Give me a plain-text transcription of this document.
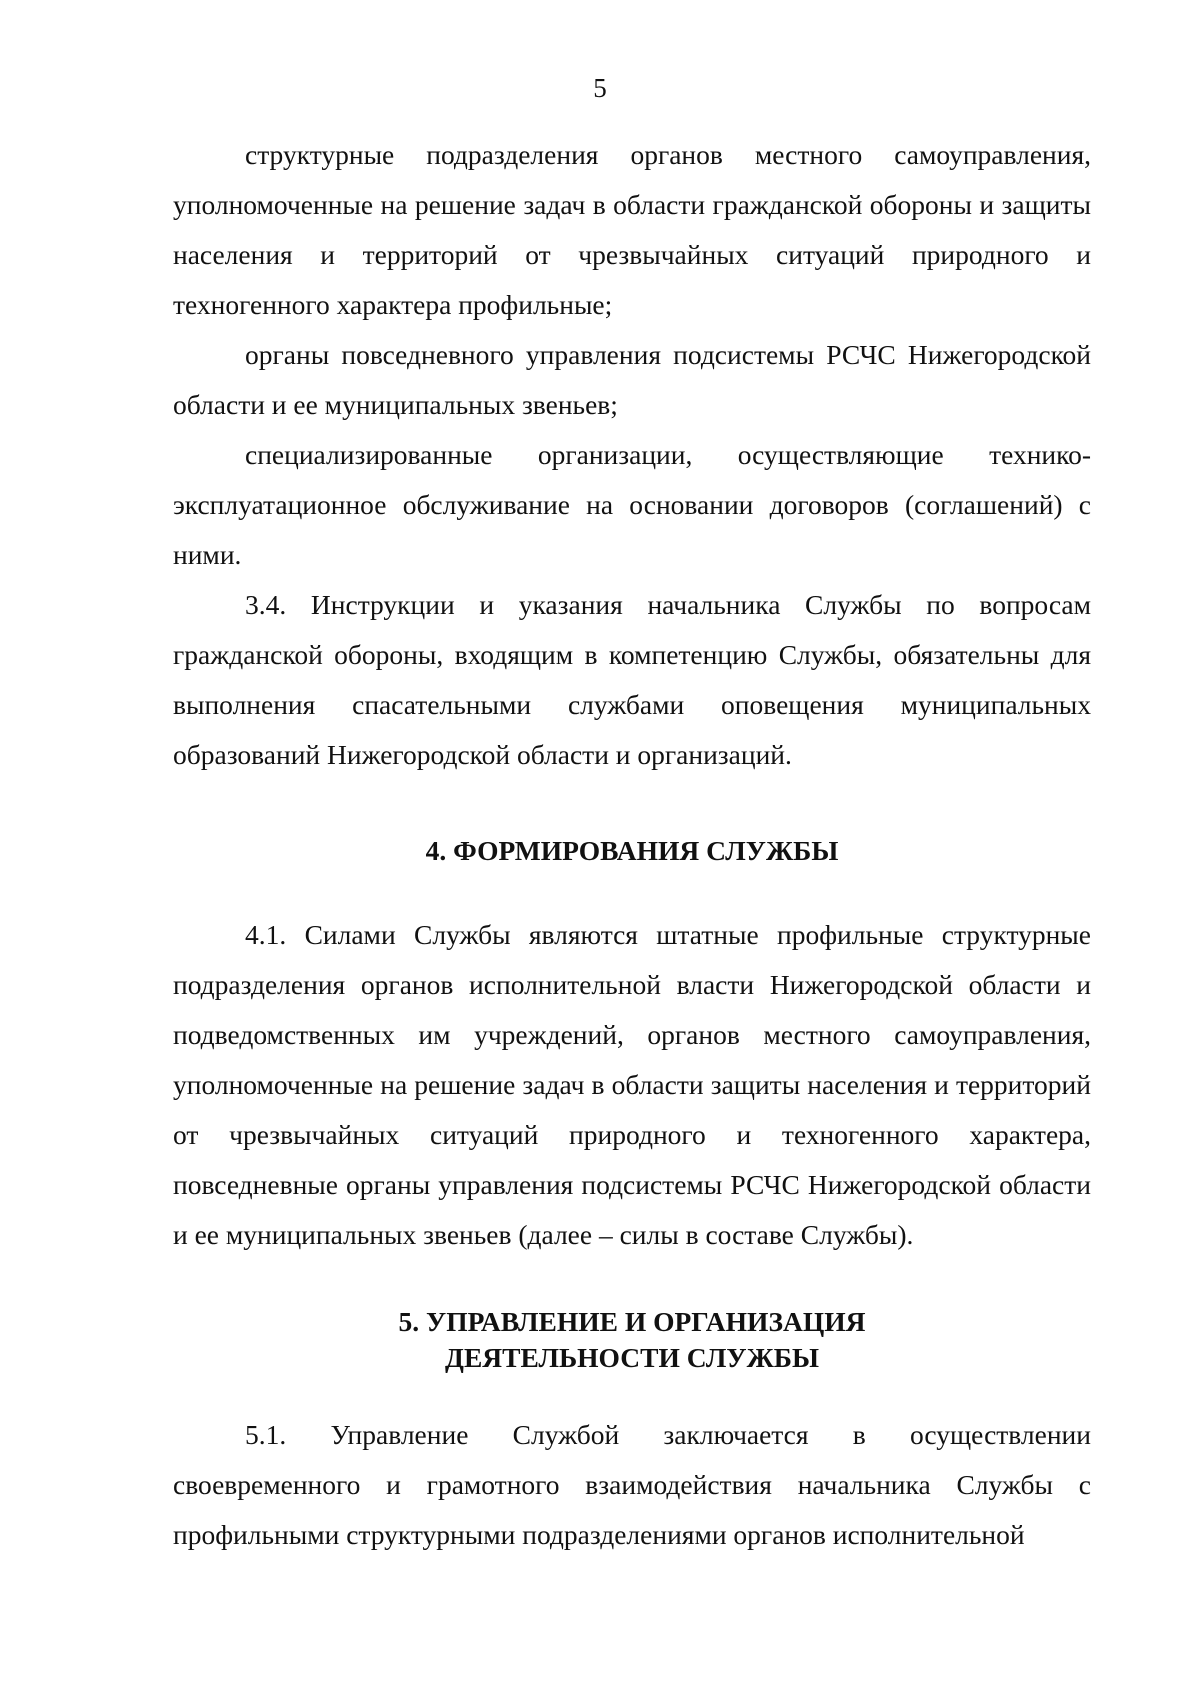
5

структурные подразделения органов местного самоуправления, уполномоченные на решение задач в области гражданской обороны и защиты населения и территорий от чрезвычайных ситуаций природного и техногенного характера профильные;

органы повседневного управления подсистемы РСЧС Нижегородской области и ее муниципальных звеньев;

специализированные организации, осуществляющие технико-эксплуатационное обслуживание на основании договоров (соглашений) с ними.

3.4. Инструкции и указания начальника Службы по вопросам гражданской обороны, входящим в компетенцию Службы, обязательны для выполнения спасательными службами оповещения муниципальных образований Нижегородской области и организаций.

4. ФОРМИРОВАНИЯ СЛУЖБЫ

4.1. Силами Службы являются штатные профильные структурные подразделения органов исполнительной власти Нижегородской области и подведомственных им учреждений, органов местного самоуправления, уполномоченные на решение задач в области защиты населения и территорий от чрезвычайных ситуаций природного и техногенного характера, повседневные органы управления подсистемы РСЧС Нижегородской области и ее муниципальных звеньев (далее – силы в составе Службы).

5. УПРАВЛЕНИЕ И ОРГАНИЗАЦИЯ
ДЕЯТЕЛЬНОСТИ СЛУЖБЫ

5.1. Управление Службой заключается в осуществлении своевременного и грамотного взаимодействия начальника Службы с профильными структурными подразделениями органов исполнительной
